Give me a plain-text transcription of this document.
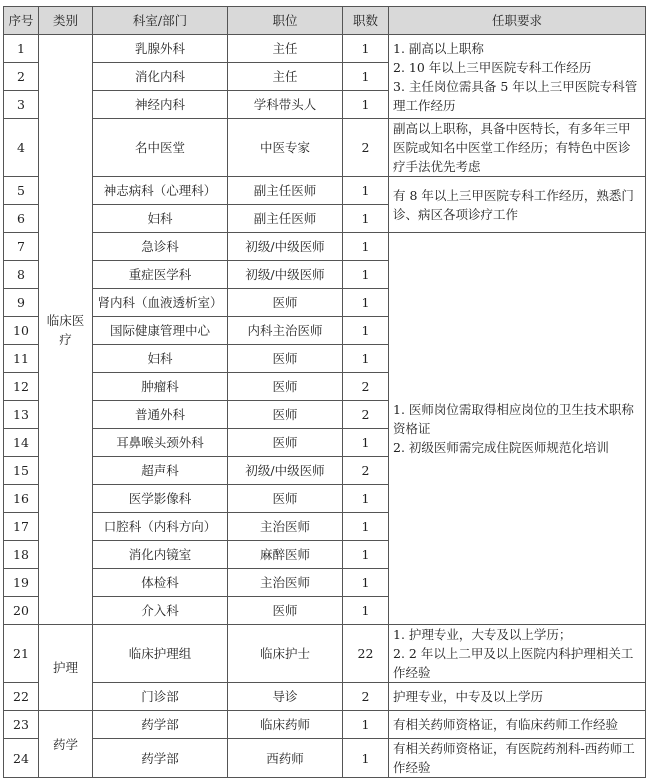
序号	类别	科室/部门	职位	职数	任职要求
1	临床医疗	乳腺外科	主任	1	1. 副高以上职称
2. 10 年以上三甲医院专科工作经历
3. 主任岗位需具备 5 年以上三甲医院专科管理工作经历

2		消化内科	主任	1	
3		神经内科	学科带头人	1	
4		名中医堂	中医专家	2	副高以上职称，具备中医特长，有多年三甲医院或知名中医堂工作经历；有特色中医诊疗手法优先考虑
5		神志病科（心理科）	副主任医师	1	有 8 年以上三甲医院专科工作经历，熟悉门诊、病区各项诊疗工作
6		妇科	副主任医师	1	
7		急诊科	初级/中级医师	1	1. 医师岗位需取得相应岗位的卫生技术职称资格证
2. 初级医师需完成住院医师规范化培训

8		重症医学科	初级/中级医师	1	
9		肾内科（血液透析室）	医师	1	
10		国际健康管理中心	内科主治医师	1	
11		妇科	医师	1	
12		肿瘤科	医师	2	
13		普通外科	医师	2	
14		耳鼻喉头颈外科	医师	1	
15		超声科	初级/中级医师	2	
16		医学影像科	医师	1	
17		口腔科（内科方向）	主治医师	1	
18		消化内镜室	麻醉医师	1	
19		体检科	主治医师	1	
20		介入科	医师	1	
21	护理	临床护理组	临床护士	22	1. 护理专业，大专及以上学历；
2. 2 年以上二甲及以上医院内科护理相关工作经验

22		门诊部	导诊	2	护理专业，中专及以上学历
23	药学	药学部	临床药师	1	有相关药师资格证，有临床药师工作经验
24		药学部	西药师	1	有相关药师资格证，有医院药剂科-西药师工作经验
